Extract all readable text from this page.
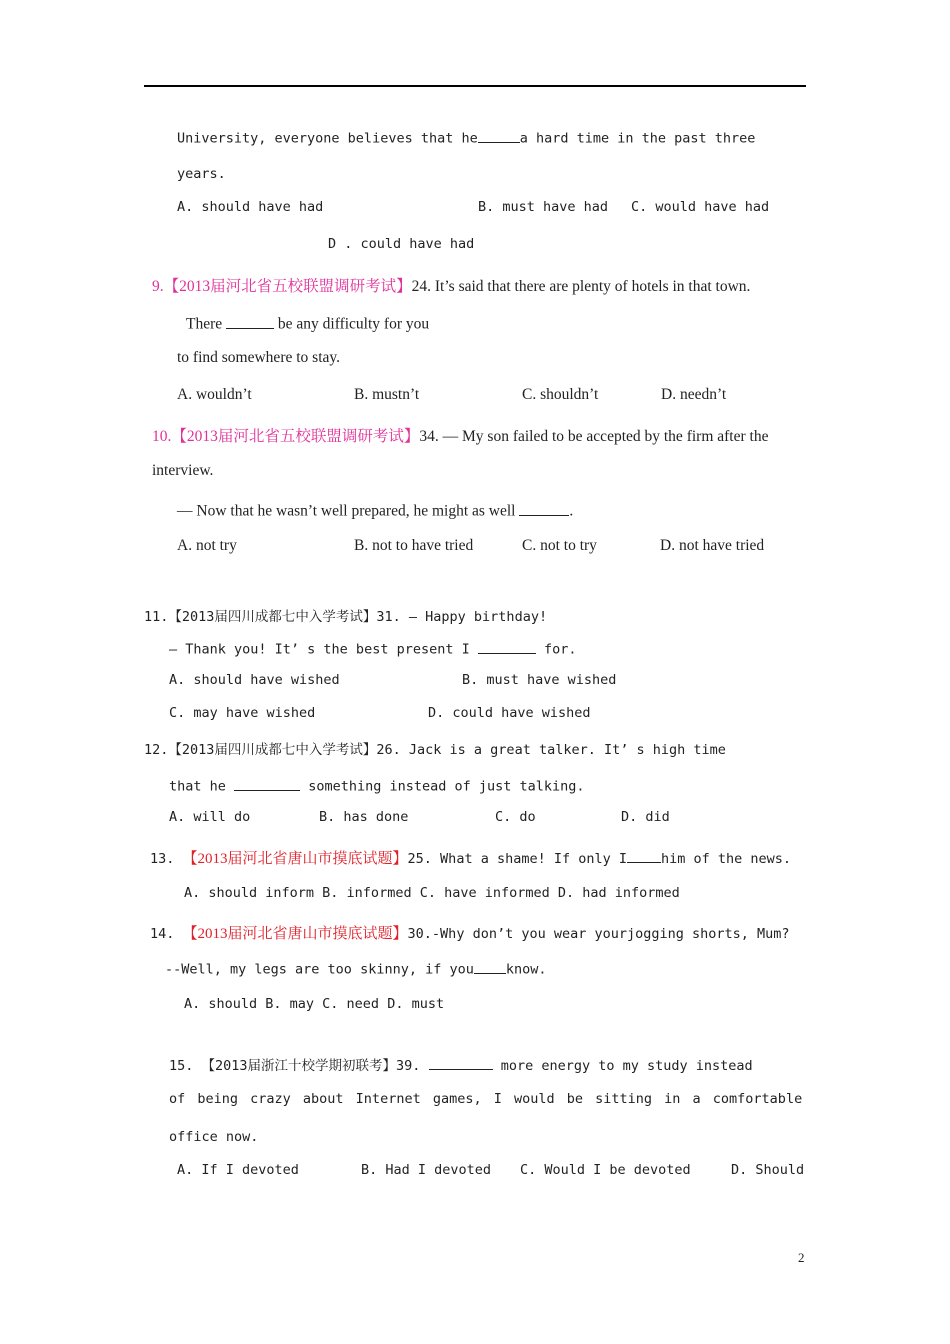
University, everyone believes that he	a hard time in the past three
years.
A. should have had	B. must have had C. would have had
D . could have had
9.【2013届河北省五校联盟调研考试】24. It’s said that there are plenty of hotels in that town.
There	be any difficulty for you
to find somewhere to stay.
A. wouldn’t	B. mustn’t	C. shouldn’t	D. needn’t
10.【2013届河北省五校联盟调研考试】34. — My son failed to be accepted by the firm after the
interview.
— Now that he wasn’t well prepared, he might as well	.
A. not try	B. not to have tried	C. not to try	D. not have tried
11.【2013届四川成都七中入学考试】31. — Happy birthday!
— Thank you! It’ s the best present I	for.
A. should have wished	B. must have wished
C. may have wished	D. could have wished
12.【2013届四川成都七中入学考试】26. Jack is a great talker. It’ s high time
that he	something instead of just talking.
A. will do	B. has done	C. do	D. did
13. 【2013届河北省唐山市摸底试题】25. What a shame! If only I	him of the news.
A. should inform B. informed C. have informed D. had informed
14. 【2013届河北省唐山市摸底试题】30.-Why don’t you wear yourjogging shorts, Mum?
--Well, my legs are too skinny, if you know.
A. should B. may C. need D. must
15. 【2013届浙江十校学期初联考】39.	more energy to my study instead
of being crazy about Internet games, I would be sitting in a comfortable
office now.
A. If I devoted	B. Had I devoted C. Would I be devoted	D. Should
2
